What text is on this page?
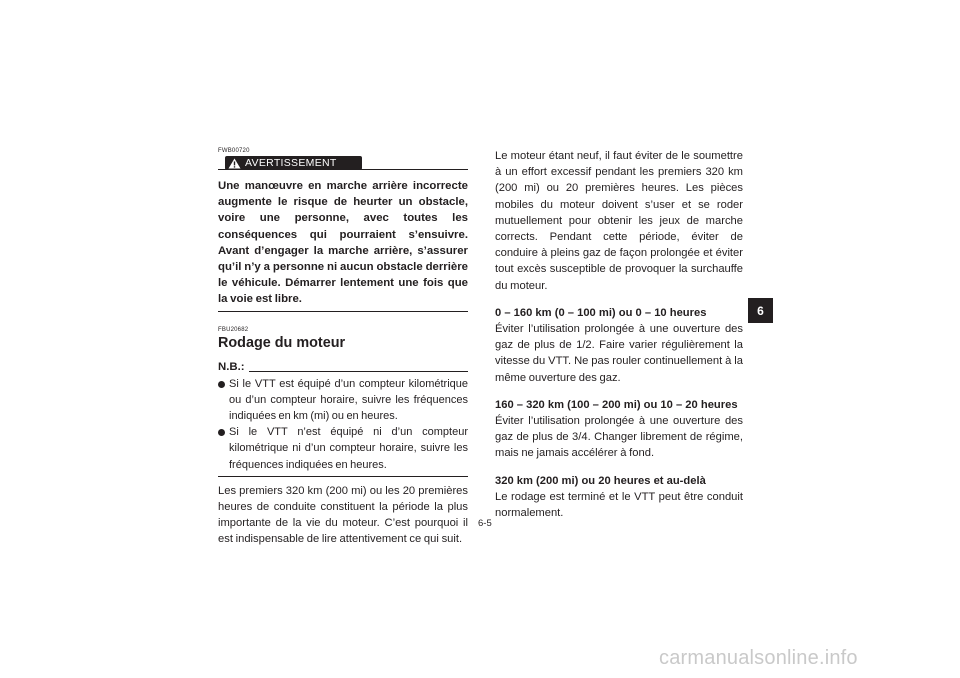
FWB00720
AVERTISSEMENT
Une manœuvre en marche arrière incorrecte augmente le risque de heurter un obstacle, voire une personne, avec toutes les conséquences qui pourraient s’ensuivre. Avant d’engager la marche arrière, s’assurer qu’il n’y a personne ni aucun obstacle derrière le véhicule. Démarrer lentement une fois que la voie est libre.
FBU20682
Rodage du moteur
N.B.:
Si le VTT est équipé d’un compteur kilométrique ou d’un compteur horaire, suivre les fréquences indiquées en km (mi) ou en heures.
Si le VTT n’est équipé ni d’un compteur kilométrique ni d’un compteur horaire, suivre les fréquences indiquées en heures.
Les premiers 320 km (200 mi) ou les 20 premières heures de conduite constituent la période la plus importante de la vie du moteur. C’est pourquoi il est indispensable de lire attentivement ce qui suit.
Le moteur étant neuf, il faut éviter de le soumettre à un effort excessif pendant les premiers 320 km (200 mi) ou 20 premières heures. Les pièces mobiles du moteur doivent s’user et se roder mutuellement pour obtenir les jeux de marche corrects. Pendant cette période, éviter de conduire à pleins gaz de façon prolongée et éviter tout excès susceptible de provoquer la surchauffe du moteur.
0 – 160 km (0 – 100 mi) ou 0 – 10 heures
Éviter l’utilisation prolongée à une ouverture des gaz de plus de 1/2. Faire varier régulièrement la vitesse du VTT. Ne pas rouler continuellement à la même ouverture des gaz.
160 – 320 km (100 – 200 mi) ou 10 – 20 heures
Éviter l’utilisation prolongée à une ouverture des gaz de plus de 3/4. Changer librement de régime, mais ne jamais accélérer à fond.
320 km (200 mi) ou 20 heures et au-delà
Le rodage est terminé et le VTT peut être conduit normalement.
6-5
6
carmanualsonline.info
